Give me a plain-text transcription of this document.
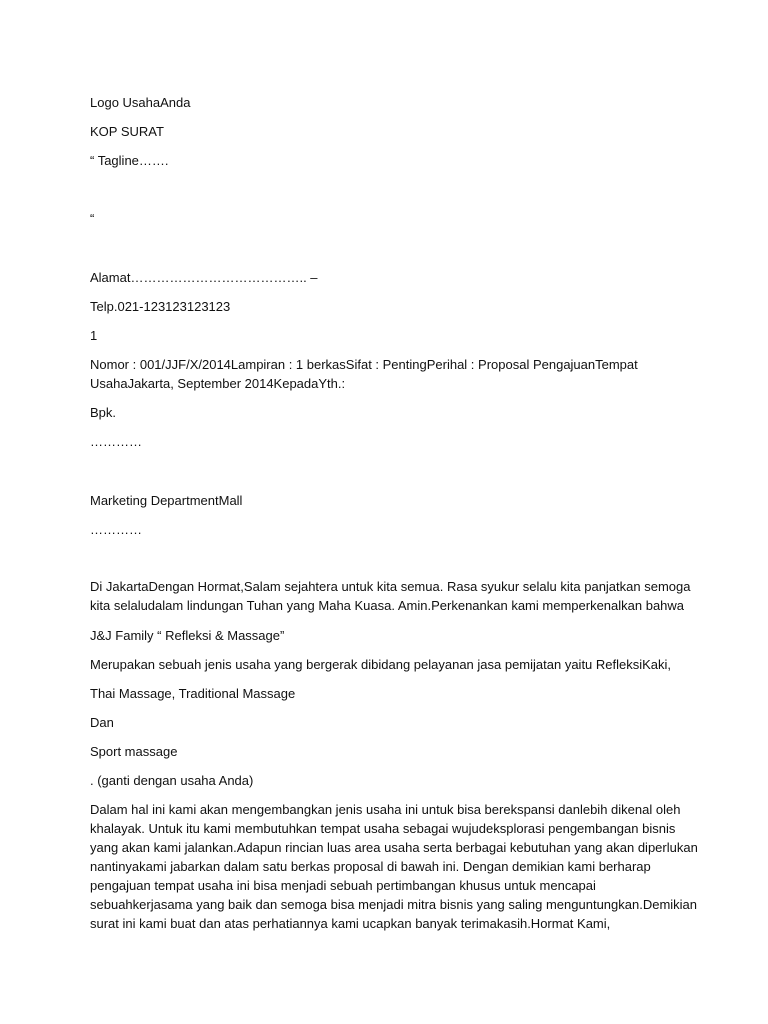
Logo UsahaAnda
KOP SURAT
“ Tagline…….
“
Alamat………………………………….. –
Telp.021-123123123123
1
Nomor : 001/JJF/X/2014Lampiran : 1 berkasSifat : PentingPerihal : Proposal PengajuanTempat
UsahaJakarta, September 2014KepadaYth.:
Bpk.
…………
Marketing DepartmentMall
…………
Di JakartaDengan Hormat,Salam sejahtera untuk kita semua. Rasa syukur selalu kita panjatkan semoga
kita selaludalam lindungan Tuhan yang Maha Kuasa. Amin.Perkenankan kami memperkenalkan bahwa
J&J Family “ Refleksi & Massage”
Merupakan sebuah jenis usaha yang bergerak dibidang pelayanan jasa pemijatan yaitu RefleksiKaki,
Thai Massage, Traditional Massage
Dan
Sport massage
. (ganti dengan usaha Anda)
Dalam hal ini kami akan mengembangkan jenis usaha ini untuk bisa berekspansi danlebih dikenal oleh
khalayak. Untuk itu kami membutuhkan tempat usaha sebagai wujudeksplorasi pengembangan bisnis
yang akan kami jalankan.Adapun rincian luas area usaha serta berbagai kebutuhan yang akan diperlukan
nantinyakami jabarkan dalam satu berkas proposal di bawah ini. Dengan demikian kami berharap
pengajuan tempat usaha ini bisa menjadi sebuah pertimbangan khusus untuk mencapai
sebuahkerjasama yang baik dan semoga bisa menjadi mitra bisnis yang saling menguntungkan.Demikian
surat ini kami buat dan atas perhatiannya kami ucapkan banyak terimakasih.Hormat Kami,
